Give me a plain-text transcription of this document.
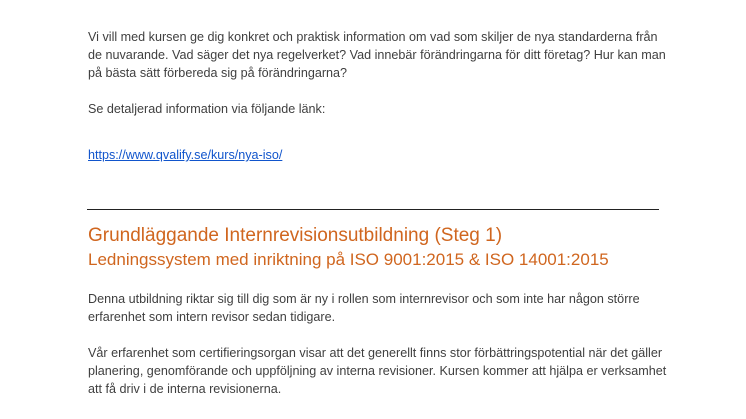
Vi vill med kursen ge dig konkret och praktisk information om vad som skiljer de nya standarderna från de nuvarande. Vad säger det nya regelverket? Vad innebär förändringarna för ditt företag? Hur kan man på bästa sätt förbereda sig på förändringarna?

Se detaljerad information via följande länk:

https://www.qvalify.se/kurs/nya-iso/
Grundläggande Internrevisionsutbildning (Steg 1)
Ledningssystem med inriktning på ISO 9001:2015 & ISO 14001:2015

Denna utbildning riktar sig till dig som är ny i rollen som internrevisor och som inte har någon större erfarenhet som intern revisor sedan tidigare.

Vår erfarenhet som certifieringsorgan visar att det generellt finns stor förbättringspotential när det gäller planering, genomförande och uppföljning av interna revisioner. Kursen kommer att hjälpa er verksamhet att få driv i de interna revisionerna.
